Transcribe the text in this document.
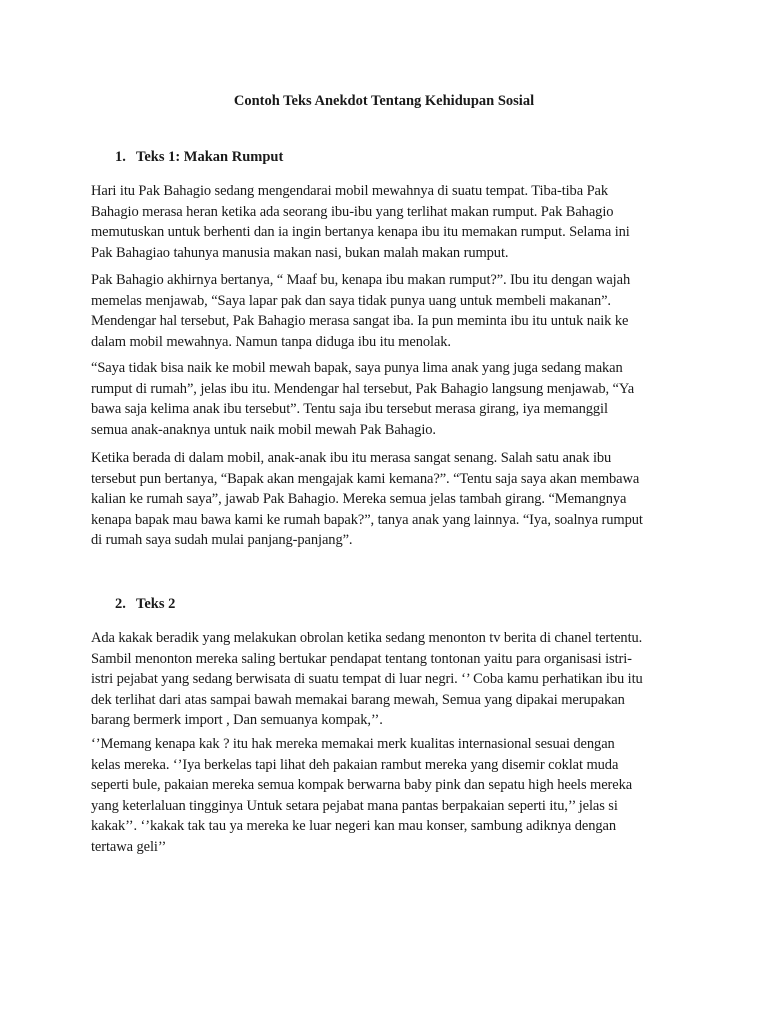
Contoh Teks Anekdot Tentang Kehidupan Sosial
1. Teks 1: Makan Rumput
Hari itu Pak Bahagio sedang mengendarai mobil mewahnya di suatu tempat. Tiba-tiba Pak
Bahagio merasa heran ketika ada seorang ibu-ibu yang terlihat makan rumput. Pak Bahagio
memutuskan untuk berhenti dan ia ingin bertanya kenapa ibu itu memakan rumput. Selama ini
Pak Bahagiao tahunya manusia makan nasi, bukan malah makan rumput.
Pak Bahagio akhirnya bertanya, “ Maaf bu, kenapa ibu makan rumput?”. Ibu itu dengan wajah
memelas menjawab, “Saya lapar pak dan saya tidak punya uang untuk membeli makanan”.
Mendengar hal tersebut, Pak Bahagio merasa sangat iba. Ia pun meminta ibu itu untuk naik ke
dalam mobil mewahnya. Namun tanpa diduga ibu itu menolak.
“Saya tidak bisa naik ke mobil mewah bapak, saya punya lima anak yang juga sedang makan
rumput di rumah”, jelas ibu itu. Mendengar hal tersebut, Pak Bahagio langsung menjawab, “Ya
bawa saja kelima anak ibu tersebut”. Tentu saja ibu tersebut merasa girang, iya memanggil
semua anak-anaknya untuk naik mobil mewah Pak Bahagio.
Ketika berada di dalam mobil, anak-anak ibu itu merasa sangat senang. Salah satu anak ibu
tersebut pun bertanya, “Bapak akan mengajak kami kemana?”. “Tentu saja saya akan membawa
kalian ke rumah saya”, jawab Pak Bahagio. Mereka semua jelas tambah girang. “Memangnya
kenapa bapak mau bawa kami ke rumah bapak?”, tanya anak yang lainnya. “Iya, soalnya rumput
di rumah saya sudah mulai panjang-panjang”.
2. Teks 2
Ada kakak beradik yang melakukan obrolan ketika sedang menonton tv berita di chanel tertentu.
Sambil menonton mereka saling bertukar pendapat tentang tontonan yaitu para organisasi istri-
istri pejabat yang sedang berwisata di suatu tempat di luar negri. ‘’ Coba kamu perhatikan ibu itu
dek terlihat dari atas sampai bawah memakai barang mewah, Semua yang dipakai merupakan
barang bermerk import , Dan semuanya kompak,’’.
‘’Memang kenapa kak ? itu hak mereka memakai merk kualitas internasional sesuai dengan
kelas mereka. ‘’Iya berkelas tapi lihat deh pakaian rambut mereka yang disemir coklat muda
seperti bule, pakaian mereka semua kompak berwarna baby pink dan sepatu high heels mereka
yang keterlaluan tingginya Untuk setara pejabat mana pantas berpakaian seperti itu,’’ jelas si
kakak’’. ‘’kakak tak tau ya mereka ke luar negeri kan mau konser, sambung adiknya dengan
tertawa geli’’
